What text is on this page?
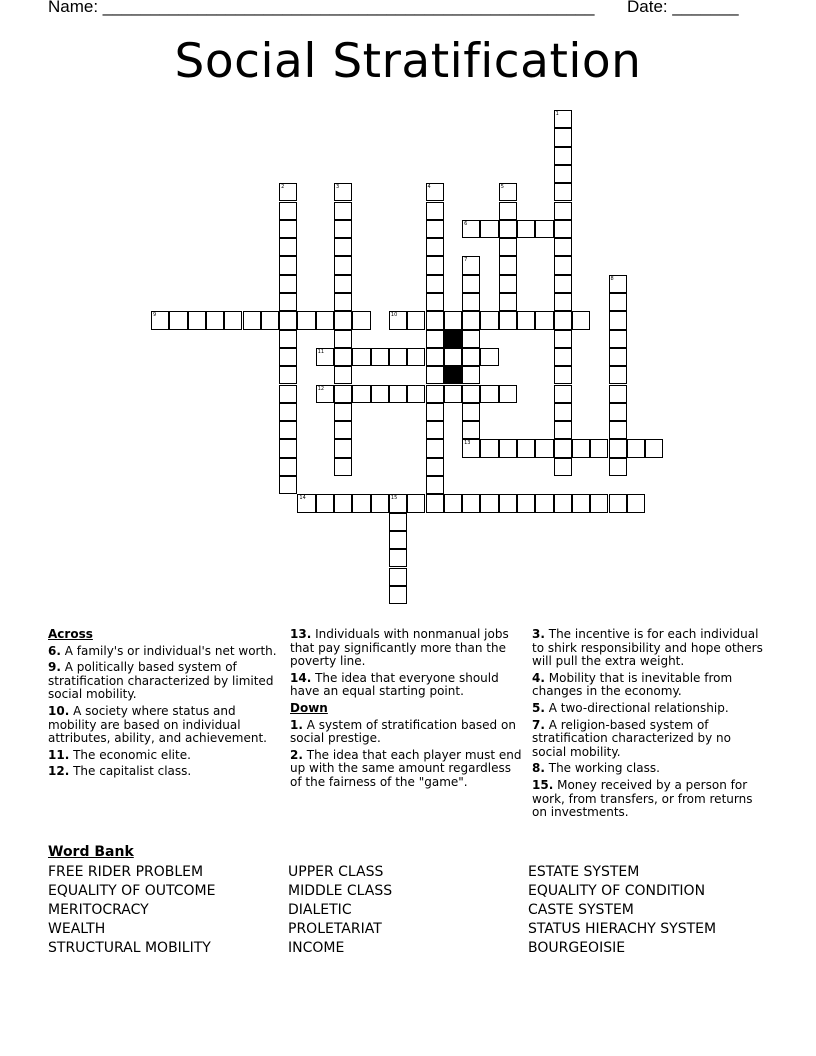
Name: ____________________________________________________ Date: _______
Social Stratification
1
2	3	4	5
6
7
13
8
9	10
11
12
14	15
Across
6. A family's or individual's net worth.
9. A politically based system of stratification characterized by limited social mobility.
10. A society where status and mobility are based on individual attributes, ability, and achievement.
11. The economic elite.
12. The capitalist class.
13. Individuals with nonmanual jobs that pay significantly more than the poverty line.
14. The idea that everyone should have an equal starting point.
Down
1. A system of stratification based on social prestige.
2. The idea that each player must end up with the same amount regardless of the fairness of the "game".
3. The incentive is for each individual to shirk responsibility and hope others will pull the extra weight.
4. Mobility that is inevitable from changes in the economy.
5. A two-directional relationship.
7. A religion-based system of stratification characterized by no social mobility.
8. The working class.
15. Money received by a person for work, from transfers, or from returns on investments.
Word Bank
FREE RIDER PROBLEM
EQUALITY OF OUTCOME
MERITOCRACY
WEALTH
STRUCTURAL MOBILITY
UPPER CLASS
MIDDLE CLASS
DIALETIC
PROLETARIAT
INCOME
ESTATE SYSTEM
EQUALITY OF CONDITION
CASTE SYSTEM
STATUS HIERACHY SYSTEM
BOURGEOISIE
